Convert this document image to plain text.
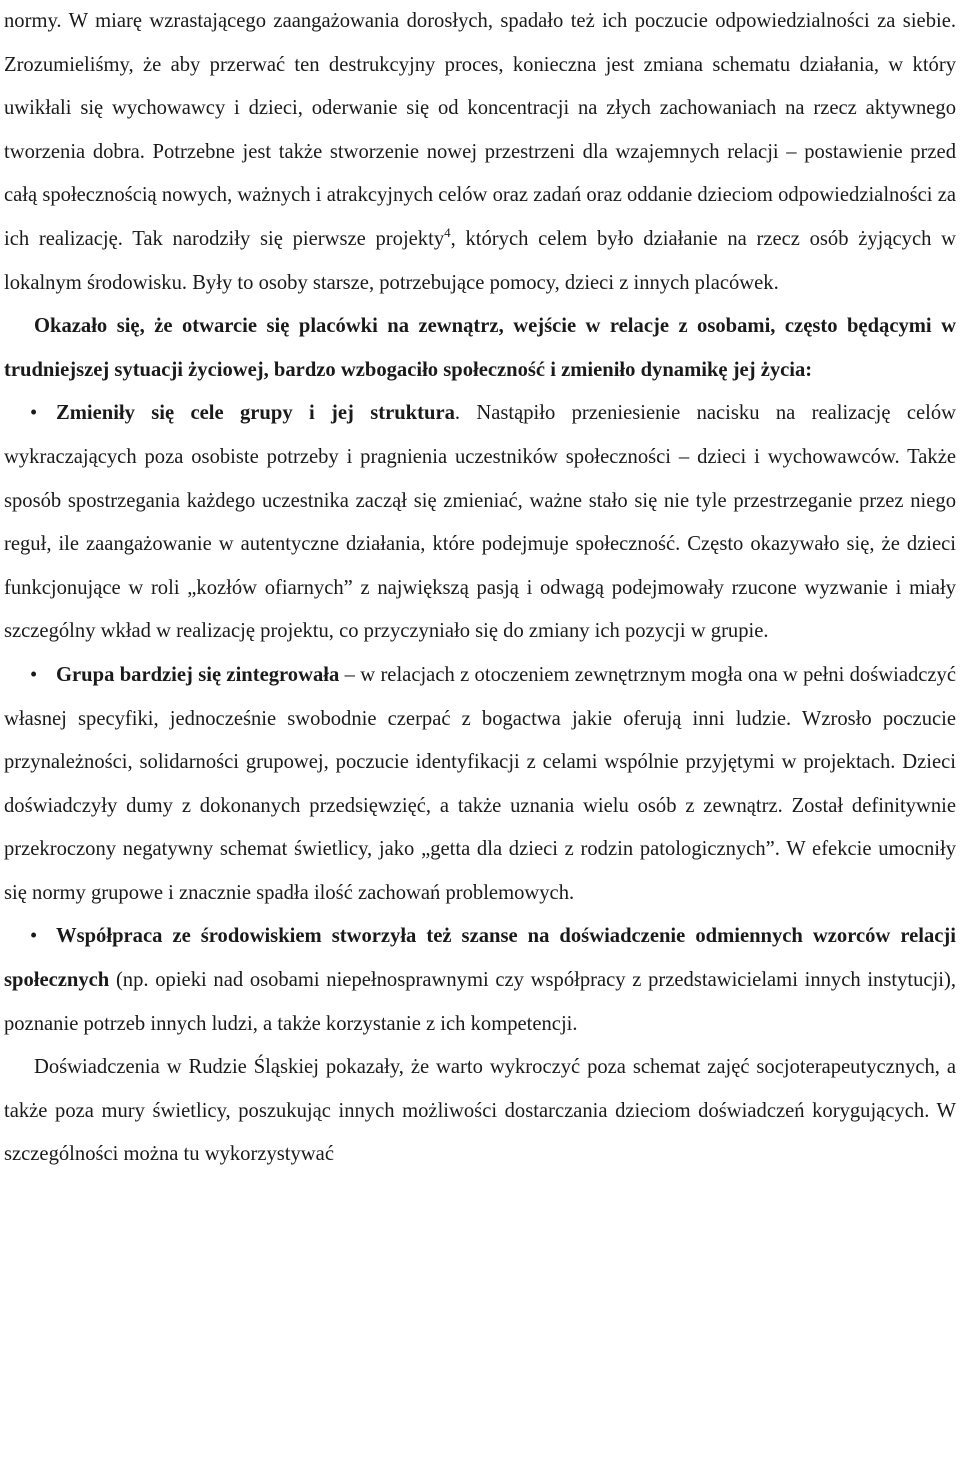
normy. W miarę wzrastającego zaangażowania dorosłych, spadało też ich poczucie odpowiedzialności za siebie. Zrozumieliśmy, że aby przerwać ten destrukcyjny proces, konieczna jest zmiana schematu działania, w który uwikłali się wychowawcy i dzieci, oderwanie się od koncentracji na złych zachowaniach na rzecz aktywnego tworzenia dobra. Potrzebne jest także stworzenie nowej przestrzeni dla wzajemnych relacji – postawienie przed całą społecznością nowych, ważnych i atrakcyjnych celów oraz zadań oraz oddanie dzieciom odpowiedzialności za ich realizację. Tak narodziły się pierwsze projekty$^4$, których celem było działanie na rzecz osób żyjących w lokalnym środowisku. Były to osoby starsze, potrzebujące pomocy, dzieci z innych placówek.

Okazało się, że otwarcie się placówki na zewnątrz, wejście w relacje z osobami, często będącymi w trudniejszej sytuacji życiowej, bardzo wzbogaciło społeczność i zmieniło dynamikę jej życia:

• Zmieniły się cele grupy i jej struktura. Nastąpiło przeniesienie nacisku na realizację celów wykraczających poza osobiste potrzeby i pragnienia uczestników społeczności – dzieci i wychowawców. Także sposób spostrzegania każdego uczestnika zaczął się zmieniać, ważne stało się nie tyle przestrzeganie przez niego reguł, ile zaangażowanie w autentyczne działania, które podejmuje społeczność. Często okazywało się, że dzieci funkcjonujące w roli „kozłów ofiarnych” z największą pasją i odwagą podejmowały rzucone wyzwanie i miały szczególny wkład w realizację projektu, co przyczyniało się do zmiany ich pozycji w grupie.

• Grupa bardziej się zintegrowała – w relacjach z otoczeniem zewnętrznym mogła ona w pełni doświadczyć własnej specyfiki, jednocześnie swobodnie czerpać z bogactwa jakie oferują inni ludzie. Wzrosło poczucie przynależności, solidarności grupowej, poczucie identyfikacji z celami wspólnie przyjętymi w projektach. Dzieci doświadczyły dumy z dokonanych przedsięwzięć, a także uznania wielu osób z zewnątrz. Został definitywnie przekroczony negatywny schemat świetlicy, jako „getta dla dzieci z rodzin patologicznych”. W efekcie umocniły się normy grupowe i znacznie spadła ilość zachowań problemowych.

• Współpraca ze środowiskiem stworzyła też szanse na doświadczenie odmiennych wzorców relacji społecznych (np. opieki nad osobami niepełnosprawnymi czy współpracy z przedstawicielami innych instytucji), poznanie potrzeb innych ludzi, a także korzystanie z ich kompetencji.

Doświadczenia w Rudzie Śląskiej pokazały, że warto wykroczyć poza schemat zajęć socjoterapeutycznych, a także poza mury świetlicy, poszukując innych możliwości dostarczania dzieciom doświadczeń korygujących. W szczególności można tu wykorzystywać
